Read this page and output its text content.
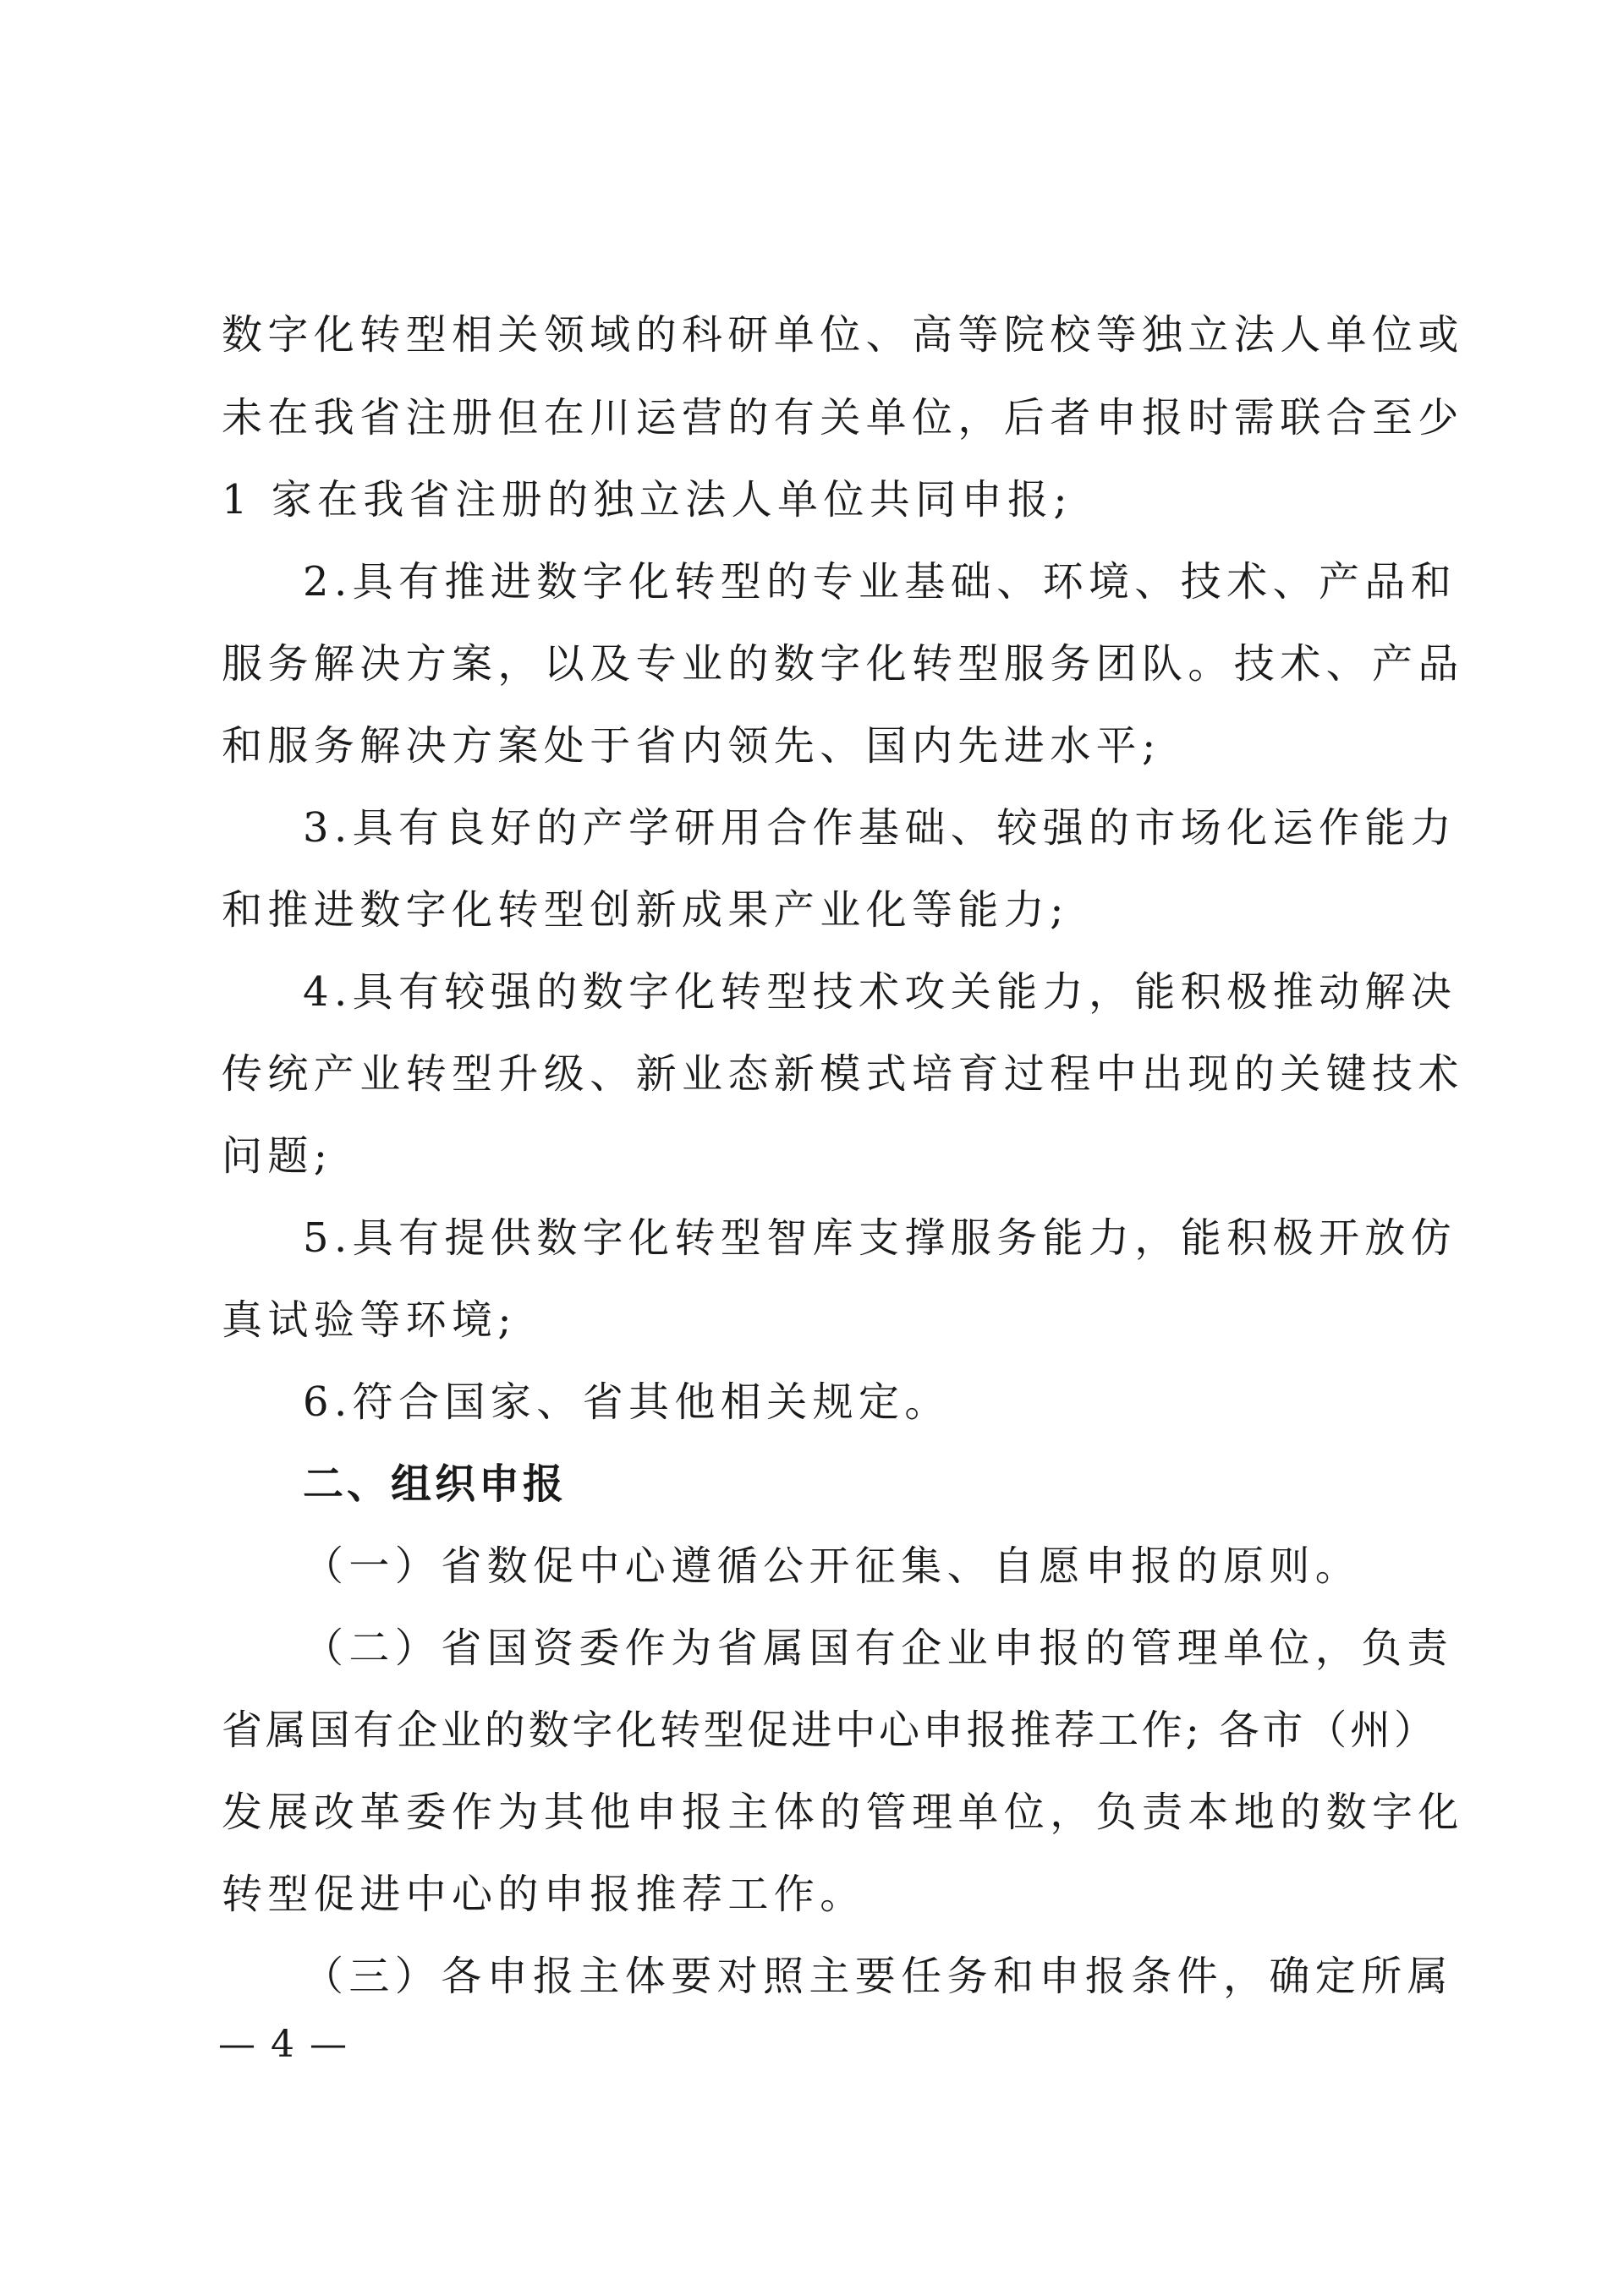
数字化转型相关领域的科研单位、高等院校等独立法人单位或
未在我省注册但在川运营的有关单位，后者申报时需联合至少
1 家在我省注册的独立法人单位共同申报;
2.具有推进数字化转型的专业基础、环境、技术、产品和
服务解决方案，以及专业的数字化转型服务团队。技术、产品
和服务解决方案处于省内领先、国内先进水平;
3.具有良好的产学研用合作基础、较强的市场化运作能力
和推进数字化转型创新成果产业化等能力;
4.具有较强的数字化转型技术攻关能力，能积极推动解决
传统产业转型升级、新业态新模式培育过程中出现的关键技术
问题;
5.具有提供数字化转型智库支撑服务能力，能积极开放仿
真试验等环境;
6.符合国家、省其他相关规定。
二、组织申报
（一）省数促中心遵循公开征集、自愿申报的原则。
（二）省国资委作为省属国有企业申报的管理单位，负责
省属国有企业的数字化转型促进中心申报推荐工作; 各市（州）
发展改革委作为其他申报主体的管理单位，负责本地的数字化
转型促进中心的申报推荐工作。
（三）各申报主体要对照主要任务和申报条件，确定所属
— 4 —
